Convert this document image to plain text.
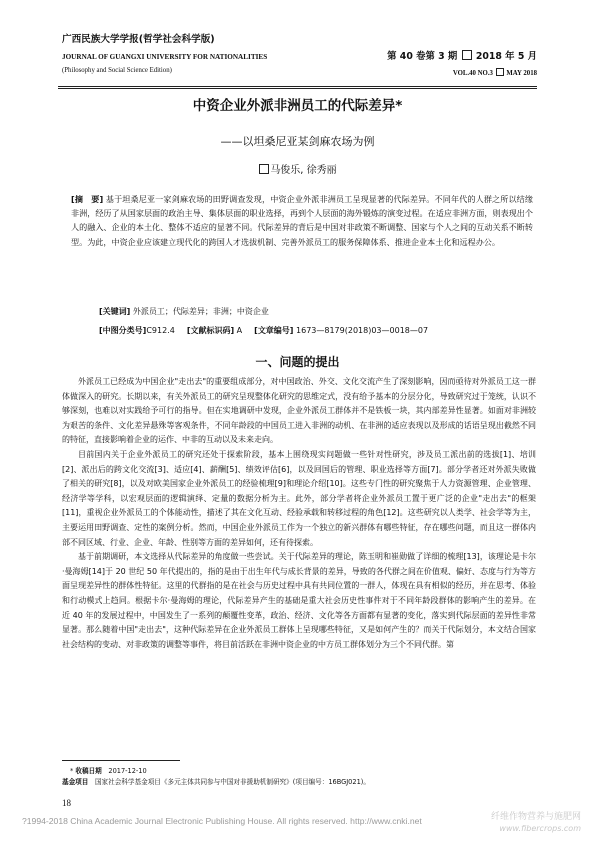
广西民族大学学报(哲学社会科学版)
JOURNAL OF GUANGXI UNIVERSITY FOR NATIONALITIES
(Philosophy and Social Science Edition)
第 40 卷第 3 期 2018 年 5 月
VOL.40 NO.3 MAY 2018
中资企业外派非洲员工的代际差异*
——以坦桑尼亚某剑麻农场为例
马俊乐, 徐秀丽
[摘　要] 基于坦桑尼亚一家剑麻农场的田野调查发现，中资企业外派非洲员工呈现显著的代际差异。不同年代的人群之所以结缘非洲，经历了从国家层面的政治主导、集体层面的职业选择，再到个人层面的海外锻炼的演变过程。在适应非洲方面，则表现出个人的融入、企业的本土化、整体不适应的显著不同。代际差异的背后是中国对非政策不断调整、国家与个人之间的互动关系不断转型。为此，中资企业应该建立现代化的跨国人才选拔机制、完善外派员工的服务保障体系、推进企业本土化和远程办公。
[关键词] 外派员工；代际差异；非洲；中资企业
[中图分类号]C912.4 [文献标识码] A [文章编号] 1673—8179(2018)03—0018—07
一、问题的提出

外派员工已经成为中国企业"走出去"的重要组成部分，对中国政治、外交、文化交流产生了深刻影响，因而亟待对外派员工这一群体做深入的研究。长期以来，有关外派员工的研究呈现整体化研究的思维定式，没有给予基本的分层分化，导致研究过于笼统，认识不够深刻，也难以对实践给予可行的指导。但在实地调研中发现，企业外派员工群体并不是铁板一块，其内部差异性显著。如面对非洲较为艰苦的条件、文化差异悬殊等客观条件，不同年龄段的中国员工进入非洲的动机、在非洲的适应表现以及形成的话语呈现出截然不同的特征，直接影响着企业的运作、中非的互动以及未来走向。

目前国内关于企业外派员工的研究还处于探索阶段，基本上围绕现实问题做一些针对性研究，涉及员工派出前的选拔[1]、培训[2]、派出后的跨文化交流[3]、适应[4]、薪酬[5]、绩效评估[6]，以及回国后的管理、职业选择等方面[7]。部分学者还对外派失败做了相关的研究[8]，以及对欧美国家企业外派员工的经验梳理[9]和理论介绍[10]。这些专门性的研究聚焦于人力资源管理、企业管理、经济学等学科，以宏观层面的逻辑演绎、定量的数据分析为主。此外，部分学者将企业外派员工置于更广泛的企业"走出去"的框架[11]，重视企业外派员工的个体能动性，描述了其在文化互动、经验承载和转移过程的角色[12]。这些研究以人类学、社会学等为主，主要运用田野调查、定性的案例分析。然而，中国企业外派员工作为一个独立的新兴群体有哪些特征，存在哪些问题，而且这一群体内部不同区域、行业、企业、年龄、性别等方面的差异如何，还有待探索。

基于前期调研，本文选择从代际差异的角度做一些尝试。关于代际差异的理论，陈玉明和崔勋做了详细的梳理[13]，该理论是卡尔·曼海姆[14]于 20 世纪 50 年代提出的，指的是由于出生年代与成长背景的差异，导致的各代群之间在价值观、偏好、态度与行为等方面呈现差异性的群体性特征。这里的代群指的是在社会与历史过程中具有共同位置的一群人，体现在具有相似的经历，并在思考、体验和行动模式上趋同。根据卡尔·曼海姆的理论，代际差异产生的基础是重大社会历史性事件对于不同年龄段群体的影响产生的差异。在近 40 年的发展过程中，中国发生了一系列的颠覆性变革，政治、经济、文化等各方面都有显著的变化，落实到代际层面的差异性非常显著。那么随着中国"走出去"，这种代际差异在企业外派员工群体上呈现哪些特征，又是如何产生的？而关于代际划分，本文结合国家社会结构的变动、对非政策的调整等事件，将目前活跃在非洲中资企业的中方员工群体划分为三个不同代群。第

* 收稿日期　 2017-12-10
基金项目　 国家社会科学基金项目《多元主体共同参与中国对非援助机制研究》(项目编号：16BGJ021)。
18
?1994-2018 China Academic Journal Electronic Publishing House. All rights reserved. http://www.cnki.net	纤维作物营养与施肥网
www.fibercrops.com
